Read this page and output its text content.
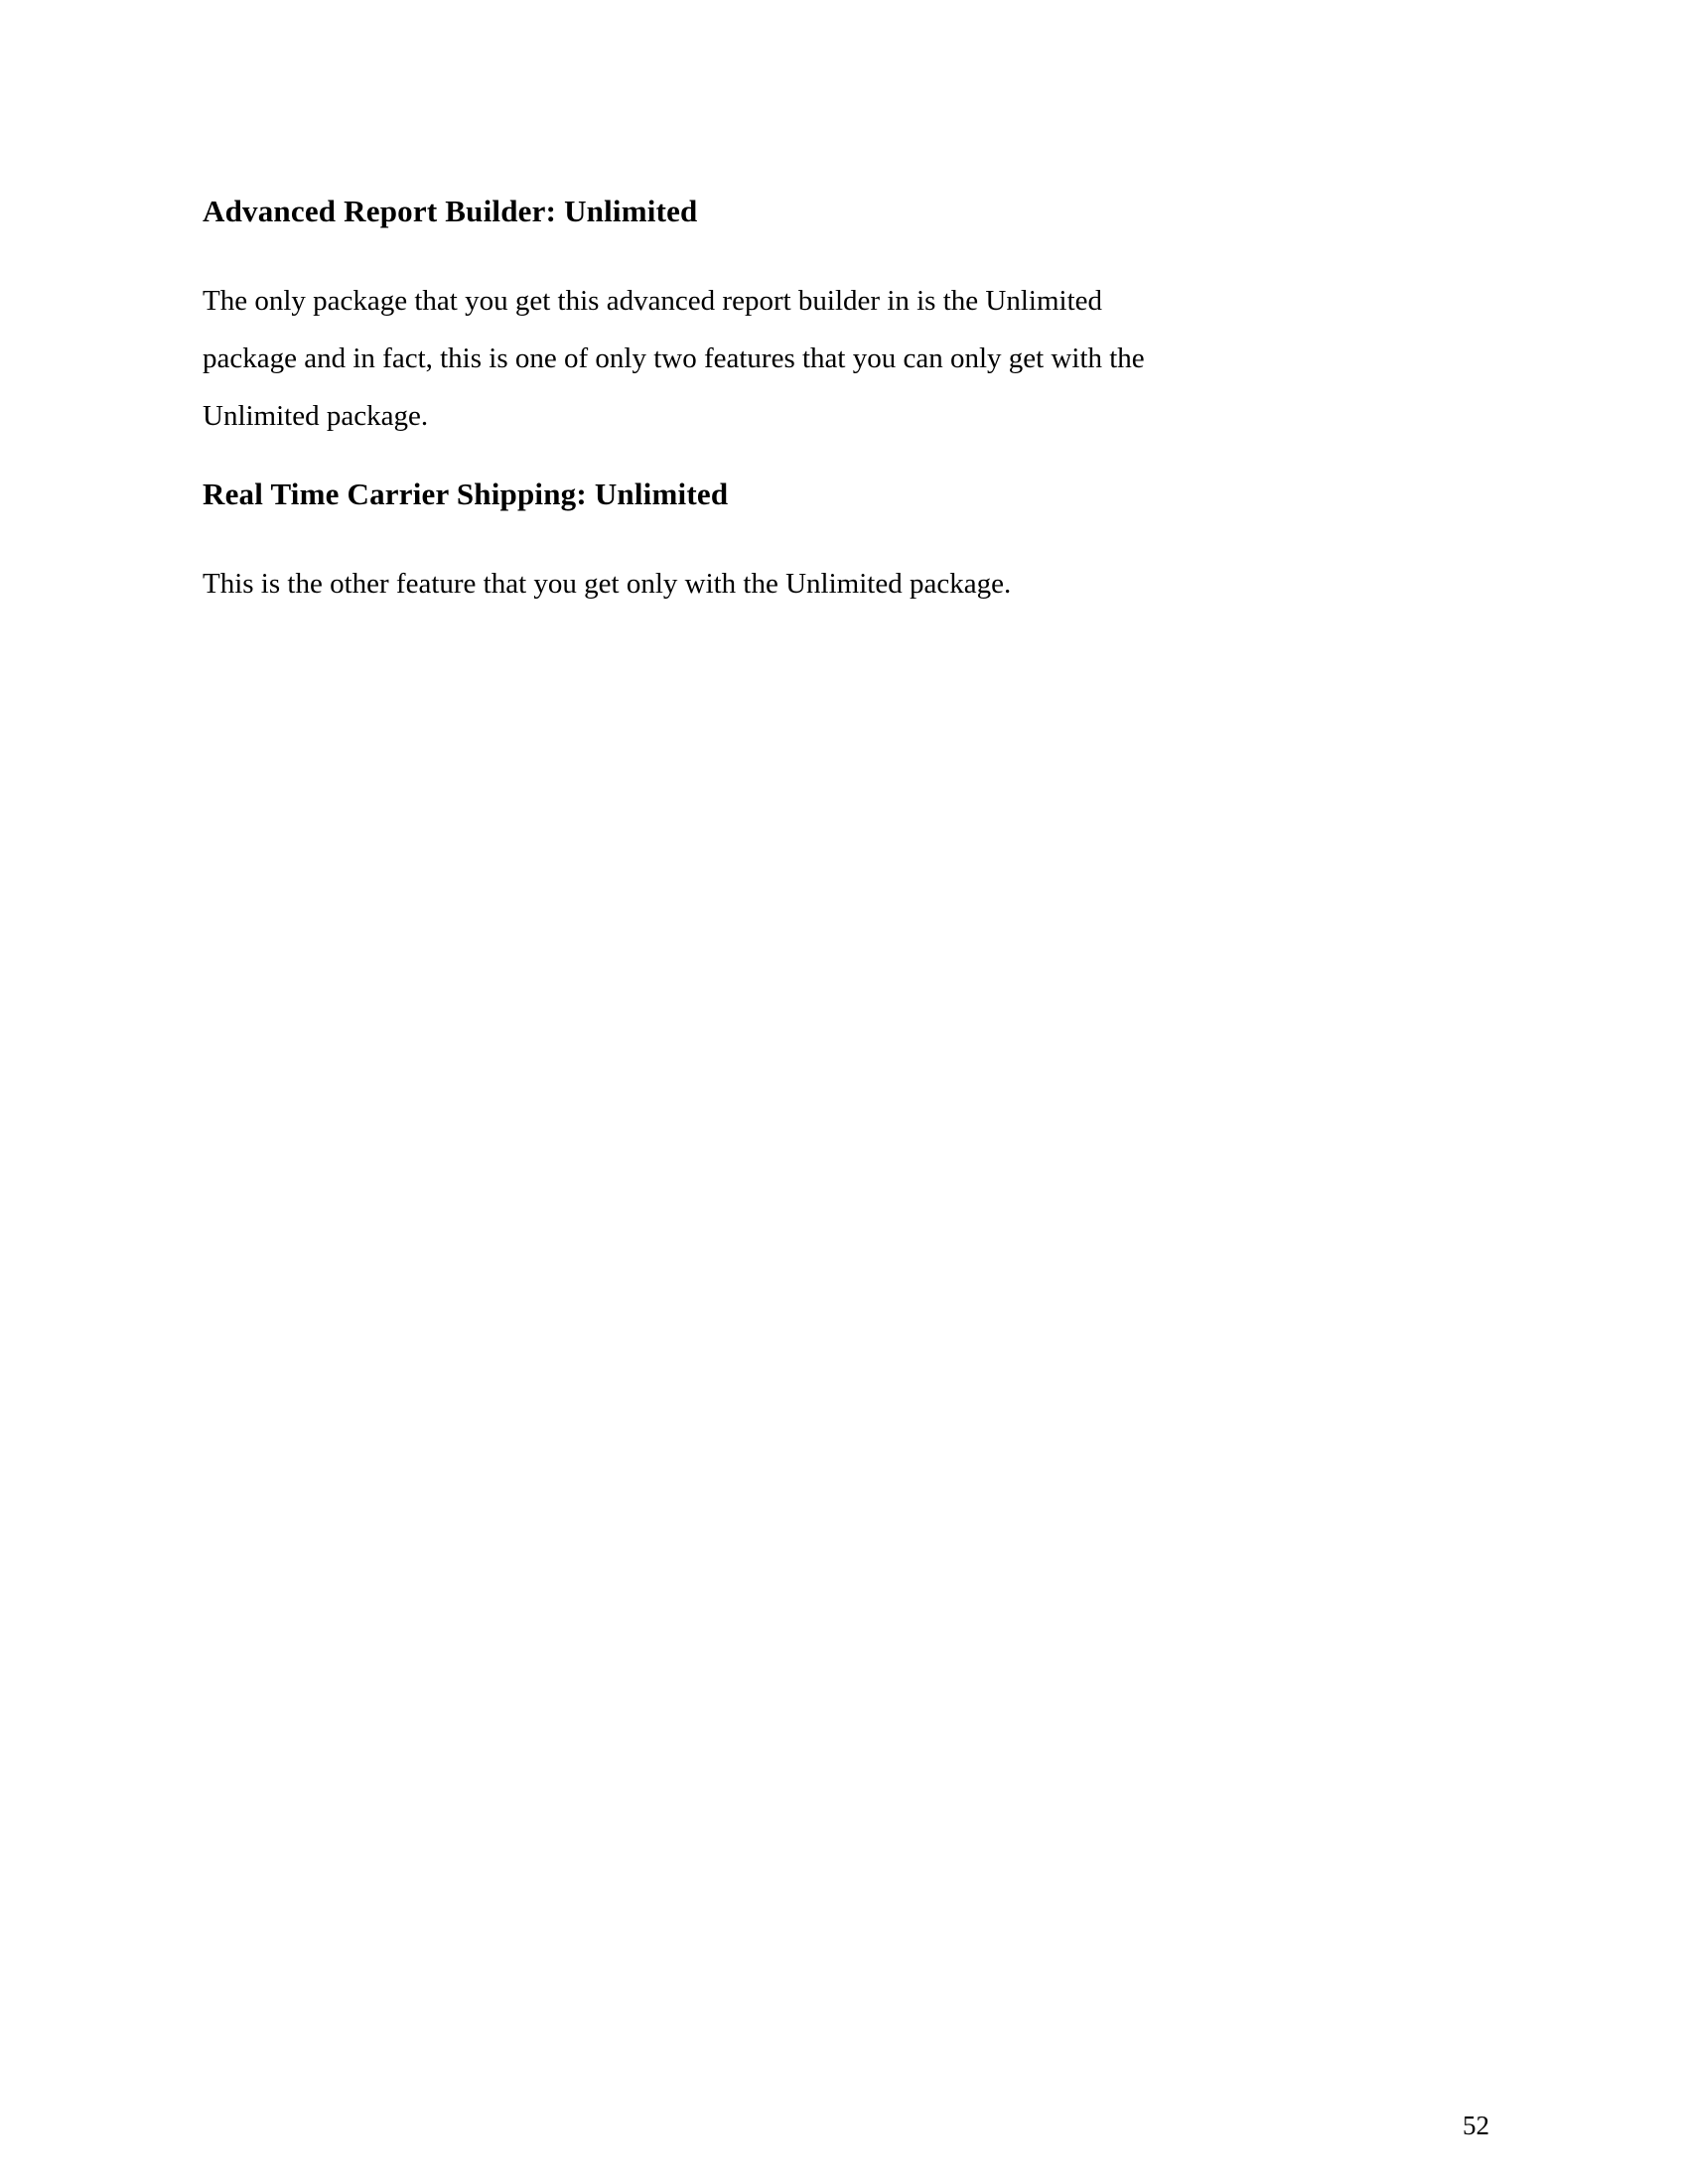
Advanced Report Builder: Unlimited
The only package that you get this advanced report builder in is the Unlimited
package and in fact, this is one of only two features that you can only get with the
Unlimited package.
Real Time Carrier Shipping: Unlimited
This is the other feature that you get only with the Unlimited package.
52
